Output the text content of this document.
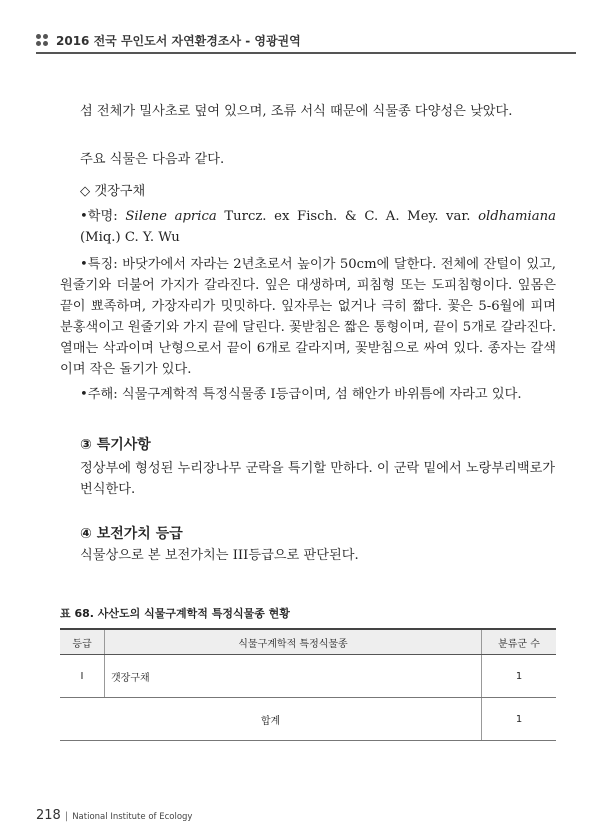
2016 전국 무인도서 자연환경조사 - 영광권역

섬 전체가 밀사초로 덮여 있으며, 조류 서식 때문에 식물종 다양성은 낮았다.

주요 식물은 다음과 같다.

◇ 갯장구채

•학명: Silene aprica Turcz. ex Fisch. & C. A. Mey. var. oldhamiana (Miq.) C. Y. Wu

•특징: 바닷가에서 자라는 2년초로서 높이가 50cm에 달한다. 전체에 잔털이 있고, 원줄기와 더불어 가지가 갈라진다. 잎은 대생하며, 피침형 또는 도피침형이다. 잎몸은 끝이 뾰족하며, 가장자리가 밋밋하다. 잎자루는 없거나 극히 짧다. 꽃은 5-6월에 피며 분홍색이고 원줄기와 가지 끝에 달린다. 꽃받침은 짧은 통형이며, 끝이 5개로 갈라진다. 열매는 삭과이며 난형으로서 끝이 6개로 갈라지며, 꽃받침으로 싸여 있다. 종자는 갈색이며 작은 돌기가 있다.

•주해: 식물구계학적 특정식물종 I등급이며, 섬 해안가 바위틈에 자라고 있다.

③ 특기사항

정상부에 형성된 누리장나무 군락을 특기할 만하다. 이 군락 밑에서 노랑부리백로가 번식한다.

④ 보전가치 등급

식물상으로 본 보전가치는 III등급으로 판단된다.

표 68. 사산도의 식물구계학적 특정식물종 현황
등급	식물구계학적 특정식물종	분류군 수
I	갯장구채	1
합계		1
218 | National Institute of Ecology
